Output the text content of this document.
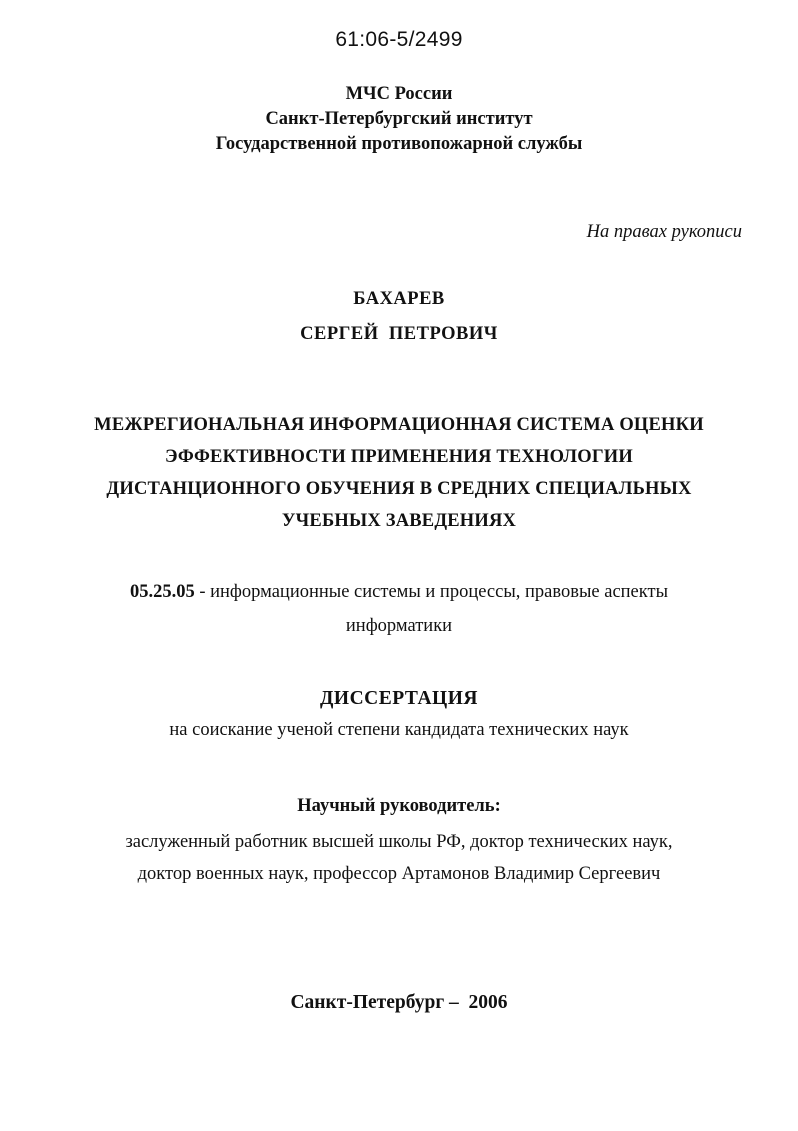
61:06-5/2499

МЧС России
Санкт-Петербургский институт
Государственной противопожарной службы

На правах рукописи

БАХАРЕВ
СЕРГЕЙ  ПЕТРОВИЧ
МЕЖРЕГИОНАЛЬНАЯ ИНФОРМАЦИОННАЯ СИСТЕМА ОЦЕНКИ
ЭФФЕКТИВНОСТИ ПРИМЕНЕНИЯ ТЕХНОЛОГИИ
ДИСТАНЦИОННОГО ОБУЧЕНИЯ В СРЕДНИХ СПЕЦИАЛЬНЫХ
УЧЕБНЫХ ЗАВЕДЕНИЯХ
05.25.05 - информационные системы и процессы, правовые аспекты
информатики

ДИССЕРТАЦИЯ

на соискание ученой степени кандидата технических наук

Научный руководитель:

заслуженный работник высшей школы РФ, доктор технических наук,
доктор военных наук, профессор Артамонов Владимир Сергеевич

Санкт-Петербург –  2006
